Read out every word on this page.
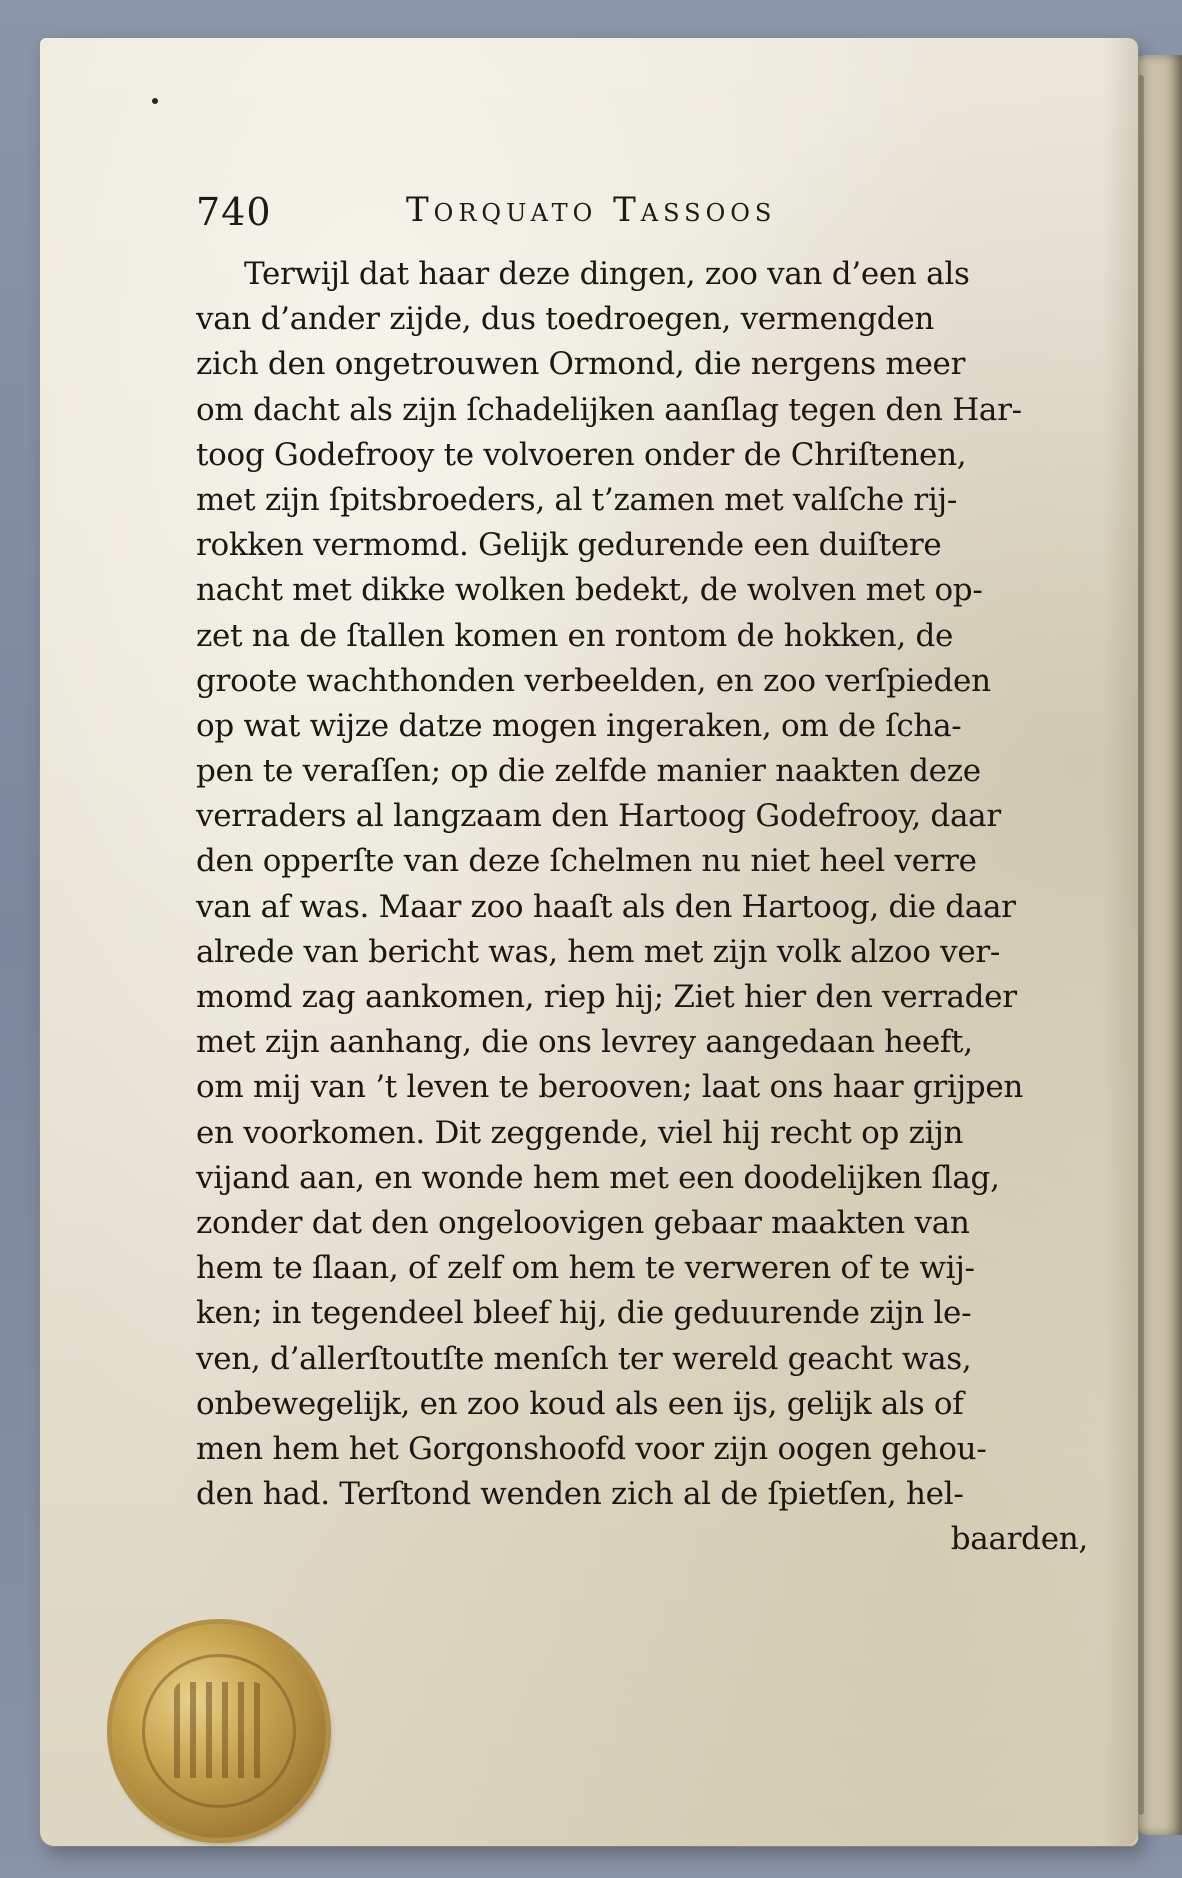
740	Torquato Tassoos
Terwijl dat haar deze dingen, zoo van d’een als
van d’ander zijde, dus toedroegen, vermengden
zich den ongetrouwen Ormond, die nergens meer
om dacht als zijn ſchadelijken aanſlag tegen den Har-
toog Godefrooy te volvoeren onder de Chriſtenen,
met zijn ſpitsbroeders, al t’zamen met valſche rij-
rokken vermomd. Gelijk gedurende een duiſtere
nacht met dikke wolken bedekt, de wolven met op-
zet na de ſtallen komen en rontom de hokken, de
groote wachthonden verbeelden, en zoo verſpieden
op wat wijze datze mogen ingeraken, om de ſcha-
pen te veraſſen; op die zelfde manier naakten deze
verraders al langzaam den Hartoog Godefrooy, daar
den opperſte van deze ſchelmen nu niet heel verre
van af was. Maar zoo haaſt als den Hartoog, die daar
alrede van bericht was, hem met zijn volk alzoo ver-
momd zag aankomen, riep hij; Ziet hier den verrader
met zijn aanhang, die ons levrey aangedaan heeft,
om mij van ’t leven te berooven; laat ons haar grijpen
en voorkomen. Dit zeggende, viel hij recht op zijn
vijand aan, en wonde hem met een doodelijken ſlag,
zonder dat den ongeloovigen gebaar maakten van
hem te ſlaan, of zelf om hem te verweren of te wij-
ken; in tegendeel bleef hij, die geduurende zijn le-
ven, d’allerſtoutſte menſch ter wereld geacht was,
onbewegelijk, en zoo koud als een ijs, gelijk als of
men hem het Gorgonshoofd voor zijn oogen gehou-
den had. Terſtond wenden zich al de ſpietſen, hel-
baarden,
